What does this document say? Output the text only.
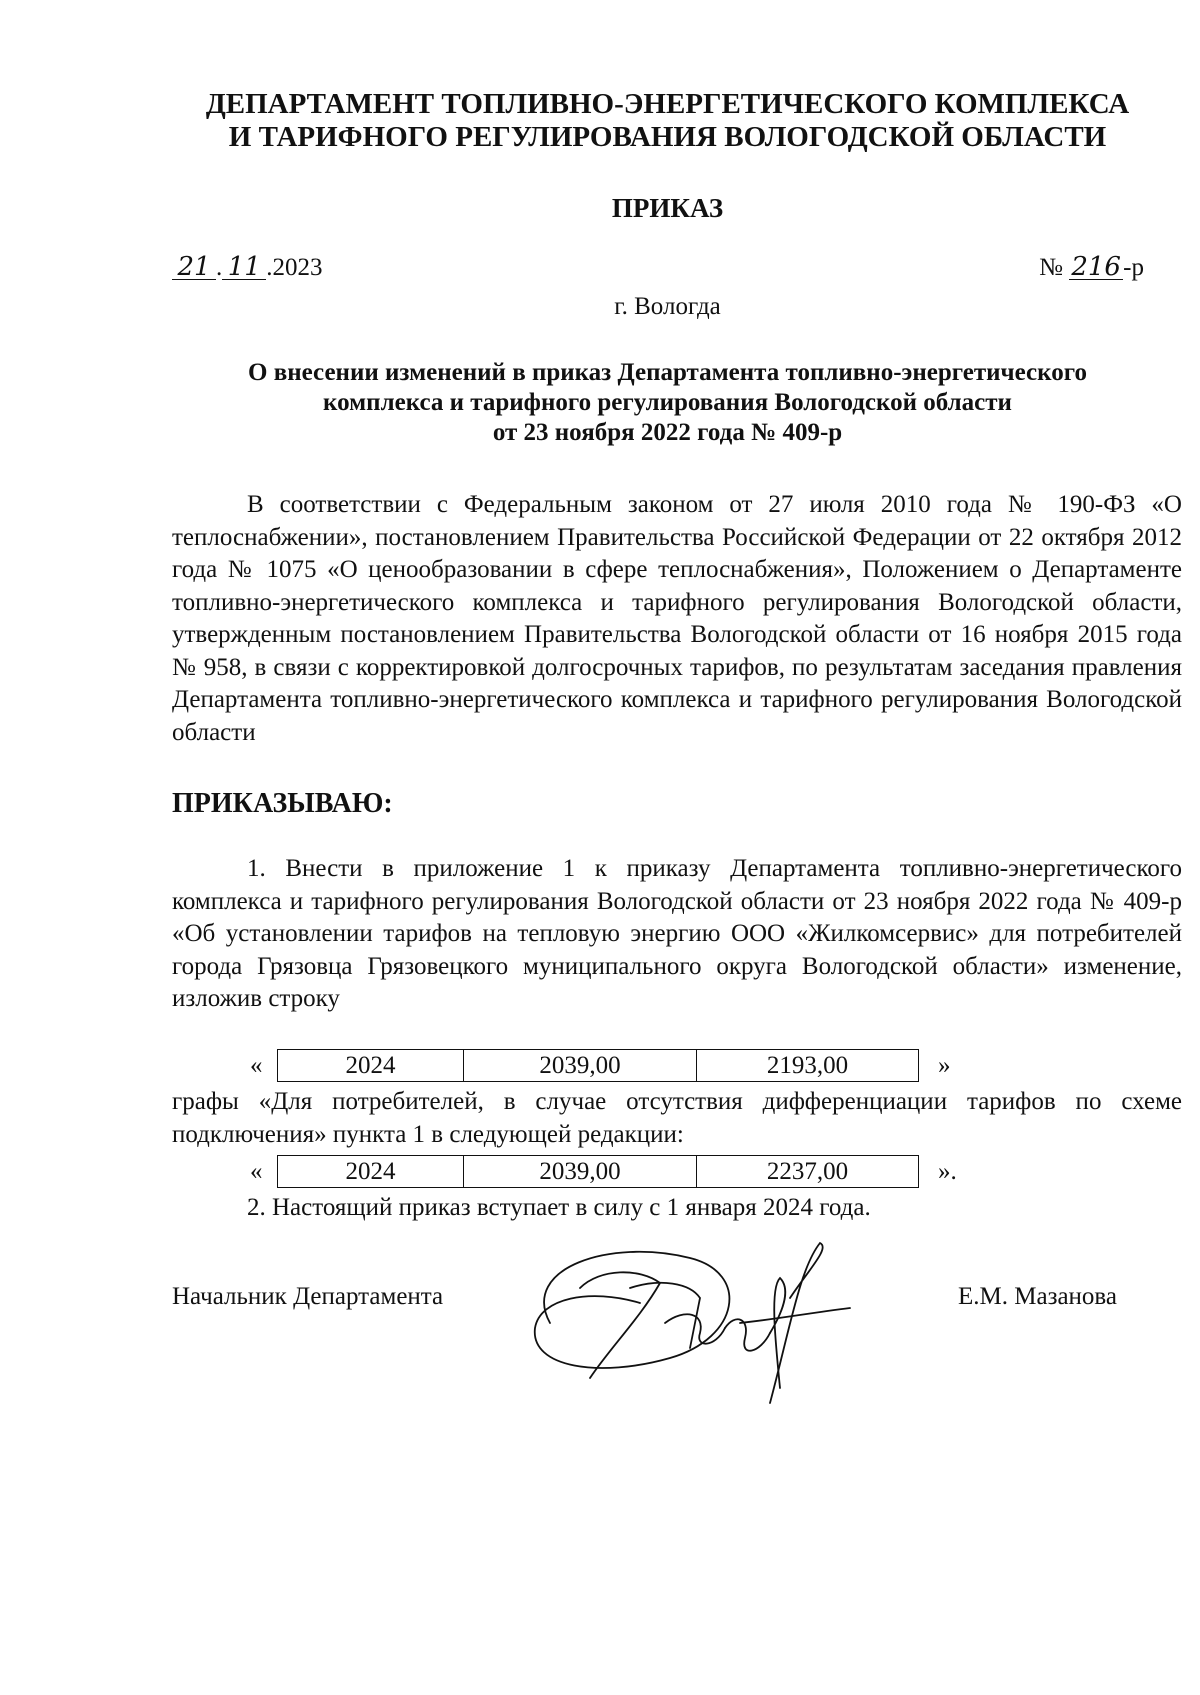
ДЕПАРТАМЕНТ ТОПЛИВНО-ЭНЕРГЕТИЧЕСКОГО КОМПЛЕКСА
И ТАРИФНОГО РЕГУЛИРОВАНИЯ ВОЛОГОДСКОЙ ОБЛАСТИ
ПРИКАЗ
21 . 11 .2023	№ 216-р
г. Вологда
О внесении изменений в приказ Департамента топливно-энергетического
комплекса и тарифного регулирования Вологодской области
от 23 ноября 2022 года № 409-р
В соответствии с Федеральным законом от 27 июля 2010 года № 190-ФЗ «О теплоснабжении», постановлением Правительства Российской Федерации от 22 октября 2012 года № 1075 «О ценообразовании в сфере теплоснабжения», Положением о Департаменте топливно-энергетического комплекса и тарифного регулирования Вологодской области, утвержденным постановлением Правительства Вологодской области от 16 ноября 2015 года № 958, в связи с корректировкой долгосрочных тарифов, по результатам заседания правления Департамента топливно-энергетического комплекса и тарифного регулирования Вологодской области
ПРИКАЗЫВАЮ:
1. Внести в приложение 1 к приказу Департамента топливно-энергетического комплекса и тарифного регулирования Вологодской области от 23 ноября 2022 года № 409-р «Об установлении тарифов на тепловую энергию ООО «Жилкомсервис» для потребителей города Грязовца Грязовецкого муниципального округа Вологодской области» изменение, изложив строку
«	2024	2039,00	2193,00	»
графы «Для потребителей, в случае отсутствия дифференциации тарифов по схеме подключения» пункта 1 в следующей редакции:
«	2024	2039,00	2237,00	».
2. Настоящий приказ вступает в силу с 1 января 2024 года.
Начальник Департамента	Е.М. Мазанова
